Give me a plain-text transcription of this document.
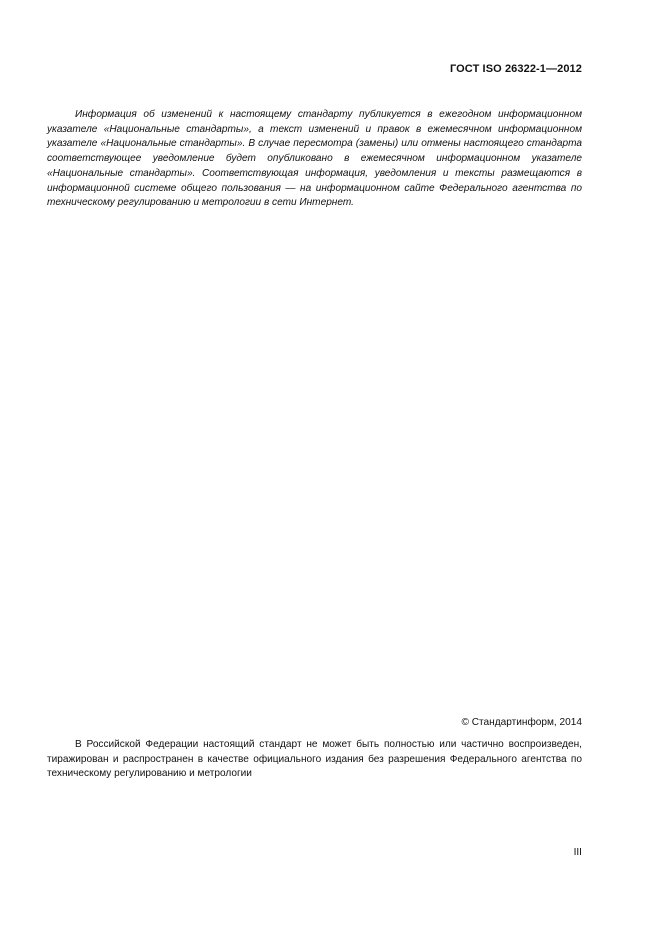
ГОСТ ISO 26322-1—2012

Информация об изменений к настоящему стандарту публикуется в ежегодном информационном указателе «Национальные стандарты», а текст изменений и правок в ежемесячном информационном указателе «Национальные стандарты». В случае пересмотра (замены) или отмены настоящего стандарта соответствующее уведомление будет опубликовано в ежемесячном информационном указателе «Национальные стандарты». Соответствующая информация, уведомления и тексты размещаются в информационной системе общего пользования — на информационном сайте Федерального агентства по техническому регулированию и метрологии в сети Интернет.

© Стандартинформ, 2014

В Российской Федерации настоящий стандарт не может быть полностью или частично воспроизведен, тиражирован и распространен в качестве официального издания без разрешения Федерального агентства по техническому регулированию и метрологии

III
